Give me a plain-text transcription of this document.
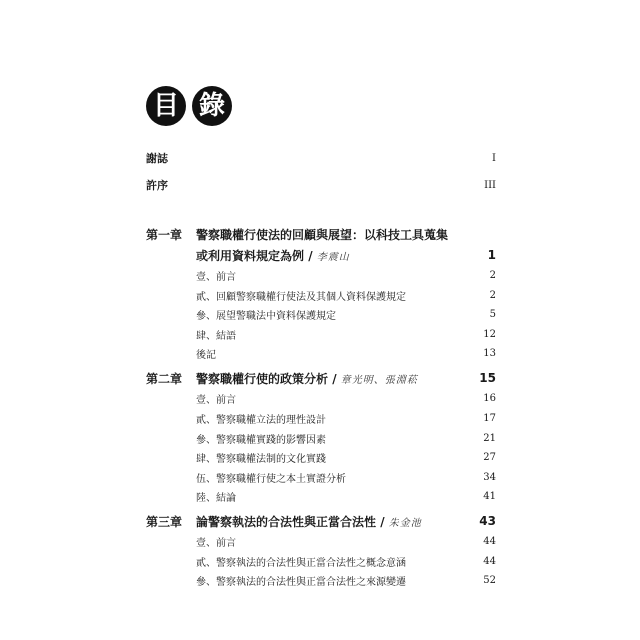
目 錄
謝誌	I
許序	III
第一章 警察職權行使法的回顧與展望：以科技工具蒐集
或利用資料規定為例 / 李震山	1
壹、前言	2
貳、回顧警察職權行使法及其個人資料保護規定	2
參、展望警職法中資料保護規定	5
肆、結語	12
後記	13
第二章 警察職權行使的政策分析 / 章光明、張淵菘	15
壹、前言	16
貳、警察職權立法的理性設計	17
參、警察職權實踐的影響因素	21
肆、警察職權法制的文化實踐	27
伍、警察職權行使之本土實證分析	34
陸、結論	41
第三章 論警察執法的合法性與正當合法性 / 朱金池	43
壹、前言	44
貳、警察執法的合法性與正當合法性之概念意涵	44
參、警察執法的合法性與正當合法性之來源變遷	52
